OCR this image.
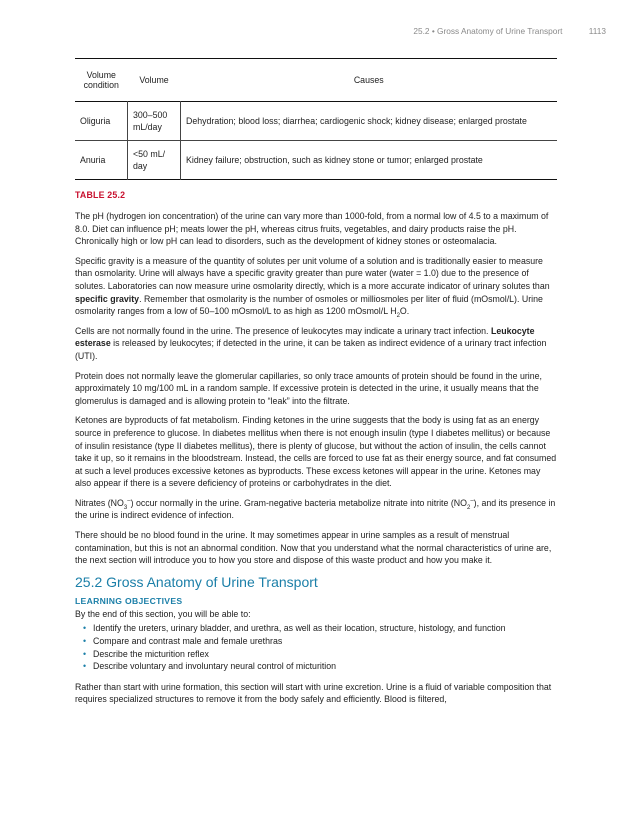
25.2 • Gross Anatomy of Urine Transport	1113
Volume condition	Volume	Causes
Oliguria	300–500 mL/day	Dehydration; blood loss; diarrhea; cardiogenic shock; kidney disease; enlarged prostate
Anuria	<50 mL/ day	Kidney failure; obstruction, such as kidney stone or tumor; enlarged prostate
TABLE 25.2

The pH (hydrogen ion concentration) of the urine can vary more than 1000-fold, from a normal low of 4.5 to a maximum of 8.0. Diet can influence pH; meats lower the pH, whereas citrus fruits, vegetables, and dairy products raise the pH. Chronically high or low pH can lead to disorders, such as the development of kidney stones or osteomalacia.

Specific gravity is a measure of the quantity of solutes per unit volume of a solution and is traditionally easier to measure than osmolarity. Urine will always have a specific gravity greater than pure water (water = 1.0) due to the presence of solutes. Laboratories can now measure urine osmolarity directly, which is a more accurate indicator of urinary solutes than specific gravity. Remember that osmolarity is the number of osmoles or milliosmoles per liter of fluid (mOsmol/L). Urine osmolarity ranges from a low of 50–100 mOsmol/L to as high as 1200 mOsmol/L $H_2O$.

Cells are not normally found in the urine. The presence of leukocytes may indicate a urinary tract infection. Leukocyte esterase is released by leukocytes; if detected in the urine, it can be taken as indirect evidence of a urinary tract infection (UTI).

Protein does not normally leave the glomerular capillaries, so only trace amounts of protein should be found in the urine, approximately 10 mg/100 mL in a random sample. If excessive protein is detected in the urine, it usually means that the glomerulus is damaged and is allowing protein to “leak” into the filtrate.

Ketones are byproducts of fat metabolism. Finding ketones in the urine suggests that the body is using fat as an energy source in preference to glucose. In diabetes mellitus when there is not enough insulin (type I diabetes mellitus) or because of insulin resistance (type II diabetes mellitus), there is plenty of glucose, but without the action of insulin, the cells cannot take it up, so it remains in the bloodstream. Instead, the cells are forced to use fat as their energy source, and fat consumed at such a level produces excessive ketones as byproducts. These excess ketones will appear in the urine. Ketones may also appear if there is a severe deficiency of proteins or carbohydrates in the diet.

Nitrates $(NO_3^-)$ occur normally in the urine. Gram-negative bacteria metabolize nitrate into nitrite $(NO_2^-)$, and its presence in the urine is indirect evidence of infection.

There should be no blood found in the urine. It may sometimes appear in urine samples as a result of menstrual contamination, but this is not an abnormal condition. Now that you understand what the normal characteristics of urine are, the next section will introduce you to how you store and dispose of this waste product and how you make it.

25.2 Gross Anatomy of Urine Transport
LEARNING OBJECTIVES

By the end of this section, you will be able to:

• Identify the ureters, urinary bladder, and urethra, as well as their location, structure, histology, and function
• Compare and contrast male and female urethras
• Describe the micturition reflex
• Describe voluntary and involuntary neural control of micturition

Rather than start with urine formation, this section will start with urine excretion. Urine is a fluid of variable composition that requires specialized structures to remove it from the body safely and efficiently. Blood is filtered,
